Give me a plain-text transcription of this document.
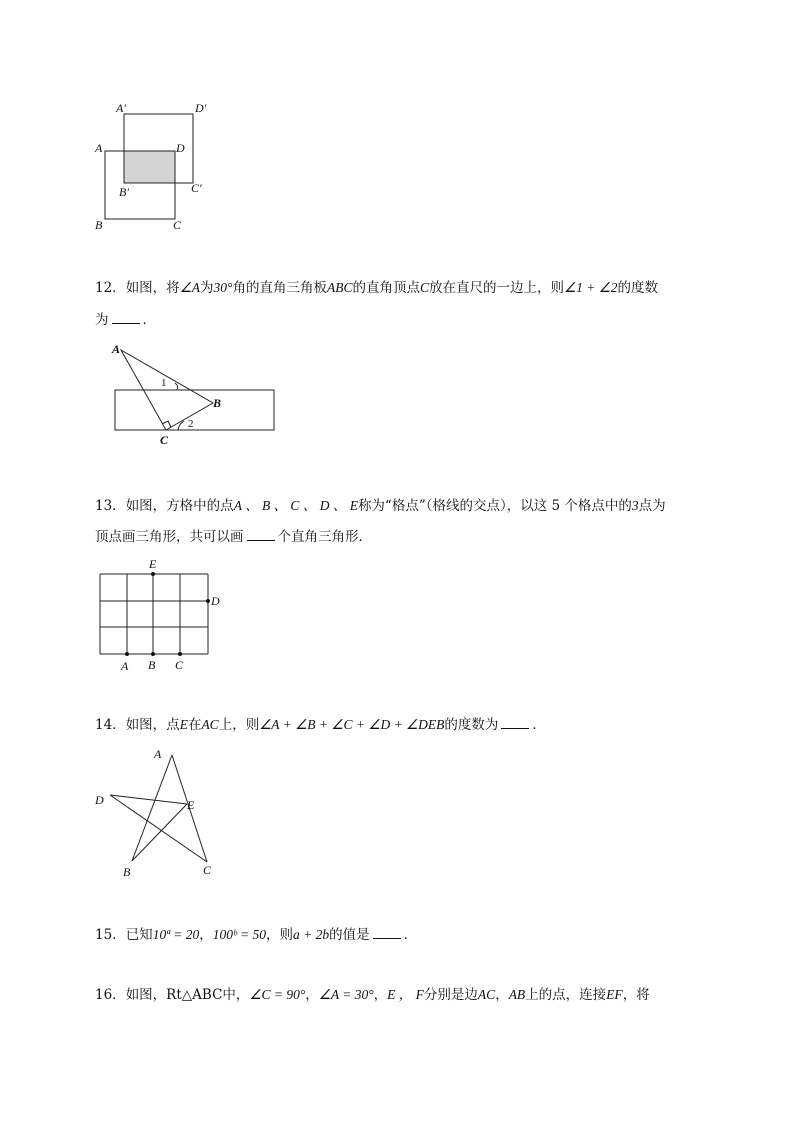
A′	D′
A	D
B′	C′
B	C
12．如图，将∠A为30°角的直角三角板ABC的直角顶点C放在直尺的一边上，则∠1 + ∠2的度数
为	．
A
1
B
2
C
13．如图，方格中的点A 、 B 、 C 、 D 、 E称为“格点”（格线的交点），以这 5 个格点中的3点为
顶点画三角形，共可以画	个直角三角形．
E
D
A B C
14．如图，点E在AC上，则∠A + ∠B + ∠C + ∠D + ∠DEB的度数为	．
A
D	E
B	C
15．已知10ª = 20，100ᵇ = 50，则a + 2b的值是	．
16．如图，Rt△ABC中，∠C = 90°，∠A = 30°，E ， F分别是边AC，AB上的点，连接EF，将
